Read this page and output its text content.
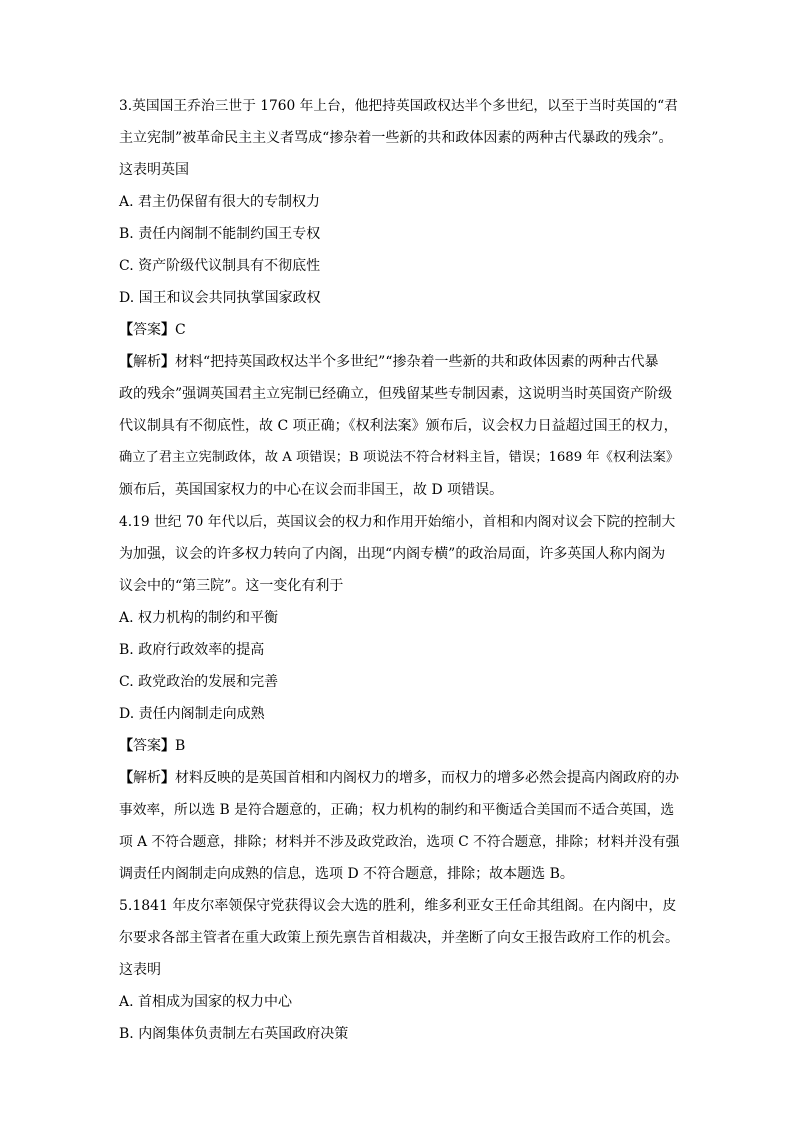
3.英国国王乔治三世于 1760 年上台，他把持英国政权达半个多世纪，以至于当时英国的“君
主立宪制”被革命民主主义者骂成“掺杂着一些新的共和政体因素的两种古代暴政的残余”。
这表明英国
A. 君主仍保留有很大的专制权力
B. 责任内阁制不能制约国王专权
C. 资产阶级代议制具有不彻底性
D. 国王和议会共同执掌国家政权
【答案】C
【解析】材料“把持英国政权达半个多世纪”“掺杂着一些新的共和政体因素的两种古代暴
政的残余”强调英国君主立宪制已经确立，但残留某些专制因素，这说明当时英国资产阶级
代议制具有不彻底性，故 C 项正确；《权利法案》颁布后，议会权力日益超过国王的权力，
确立了君主立宪制政体，故 A 项错误；B 项说法不符合材料主旨，错误；1689 年《权利法案》
颁布后，英国国家权力的中心在议会而非国王，故 D 项错误。
4.19 世纪 70 年代以后，英国议会的权力和作用开始缩小，首相和内阁对议会下院的控制大
为加强，议会的许多权力转向了内阁，出现“内阁专横”的政治局面，许多英国人称内阁为
议会中的“第三院”。这一变化有利于
A. 权力机构的制约和平衡
B. 政府行政效率的提高
C. 政党政治的发展和完善
D. 责任内阁制走向成熟
【答案】B
【解析】材料反映的是英国首相和内阁权力的增多，而权力的增多必然会提高内阁政府的办
事效率，所以选 B 是符合题意的，正确；权力机构的制约和平衡适合美国而不适合英国，选
项 A 不符合题意，排除；材料并不涉及政党政治，选项 C 不符合题意，排除；材料并没有强
调责任内阁制走向成熟的信息，选项 D 不符合题意，排除；故本题选 B。
5.1841 年皮尔率领保守党获得议会大选的胜利，维多利亚女王任命其组阁。在内阁中，皮
尔要求各部主管者在重大政策上预先禀告首相裁决，并垄断了向女王报告政府工作的机会。
这表明
A. 首相成为国家的权力中心
B. 内阁集体负责制左右英国政府决策
